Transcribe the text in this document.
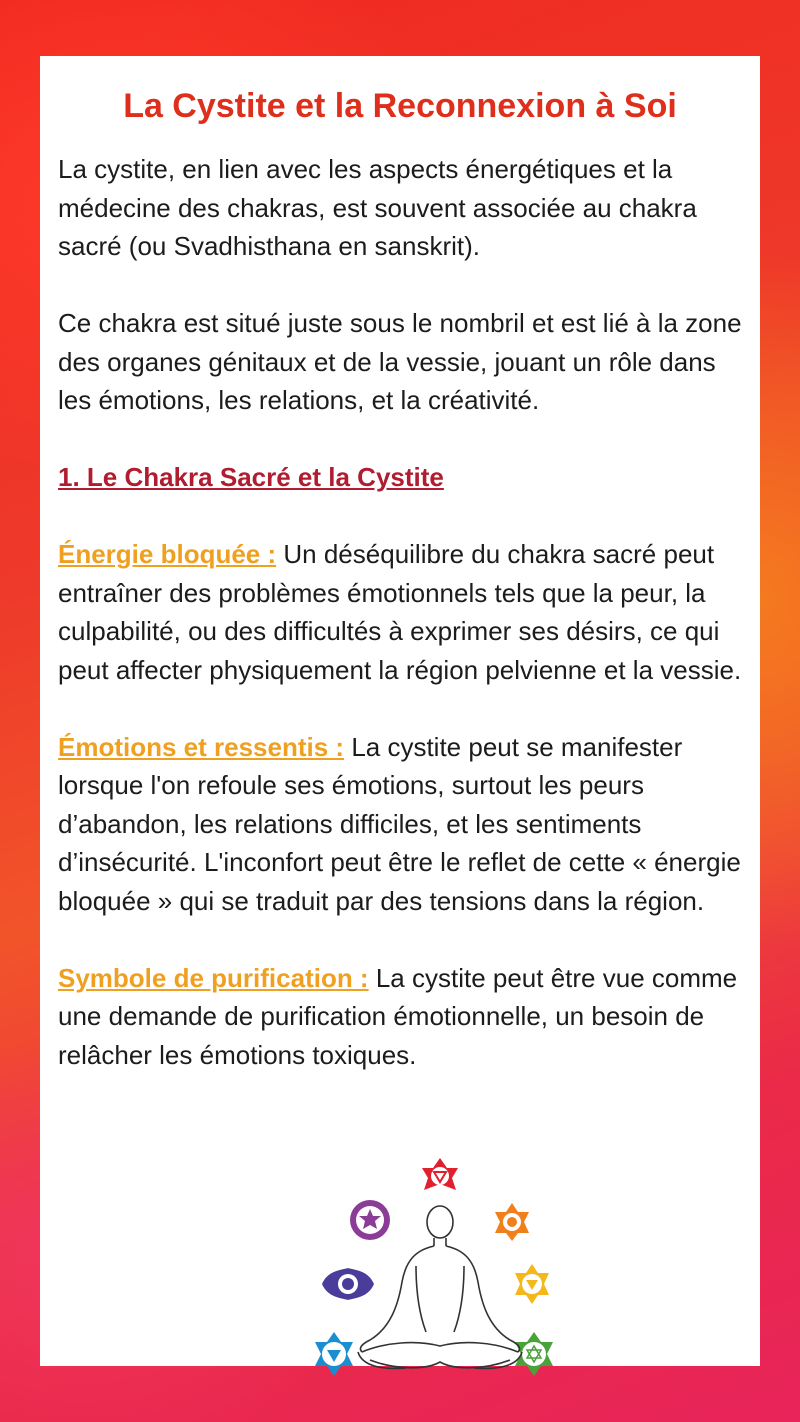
La Cystite et la Reconnexion à Soi

La cystite, en lien avec les aspects énergétiques et la médecine des chakras, est souvent associée au chakra sacré (ou Svadhisthana en sanskrit).

Ce chakra est situé juste sous le nombril et est lié à la zone des organes génitaux et de la vessie, jouant un rôle dans les émotions, les relations, et la créativité.

1. Le Chakra Sacré et la Cystite

Énergie bloquée : Un déséquilibre du chakra sacré peut entraîner des problèmes émotionnels tels que la peur, la culpabilité, ou des difficultés à exprimer ses désirs, ce qui peut affecter physiquement la région pelvienne et la vessie.

Émotions et ressentis : La cystite peut se manifester lorsque l'on refoule ses émotions, surtout les peurs d’abandon, les relations difficiles, et les sentiments d’insécurité. L'inconfort peut être le reflet de cette « énergie bloquée » qui se traduit par des tensions dans la région.

Symbole de purification : La cystite peut être vue comme une demande de purification émotionnelle, un besoin de relâcher les émotions toxiques.
